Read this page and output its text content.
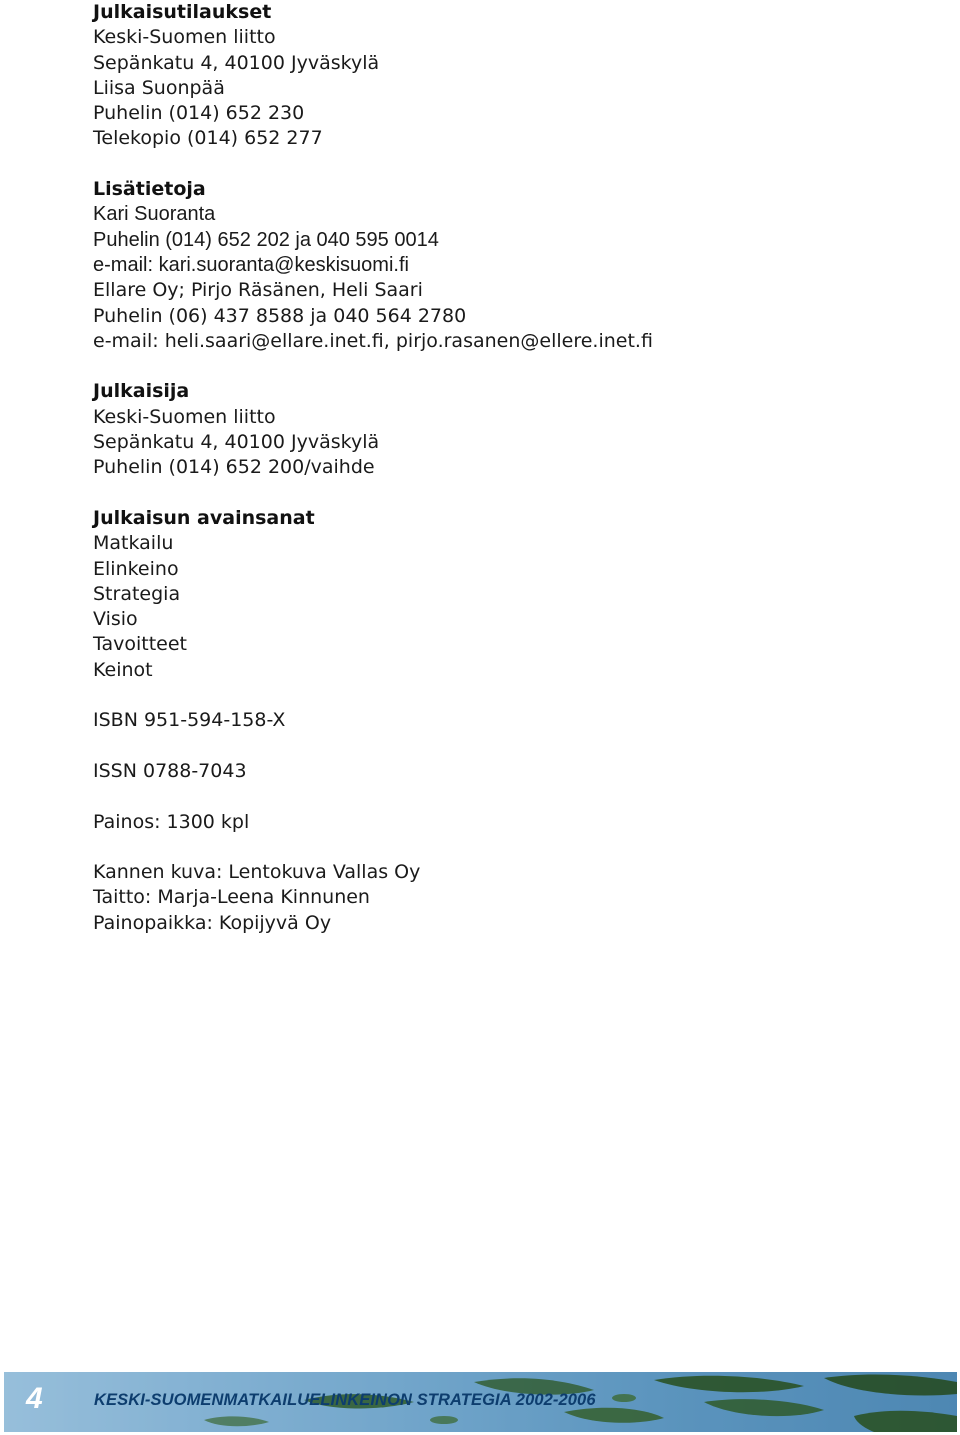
Julkaisutilaukset
Keski-Suomen liitto
Sepänkatu 4, 40100 Jyväskylä
Liisa Suonpää
Puhelin (014) 652 230
Telekopio (014) 652 277
Lisätietoja
Kari Suoranta
Puhelin (014) 652 202 ja 040 595 0014
e-mail: kari.suoranta@keskisuomi.fi
Ellare Oy; Pirjo Räsänen, Heli Saari
Puhelin (06) 437 8588 ja 040 564 2780
e-mail: heli.saari@ellare.inet.fi, pirjo.rasanen@ellere.inet.fi
Julkaisija
Keski-Suomen liitto
Sepänkatu 4, 40100 Jyväskylä
Puhelin (014) 652 200/vaihde
Julkaisun avainsanat
Matkailu
Elinkeino
Strategia
Visio
Tavoitteet
Keinot
ISBN 951-594-158-X
ISSN 0788-7043
Painos: 1300 kpl
Kannen kuva: Lentokuva Vallas Oy
Taitto: Marja-Leena Kinnunen
Painopaikka: Kopijyvä Oy
4	KESKI-SUOMENMATKAILUELINKEINON STRATEGIA 2002-2006
